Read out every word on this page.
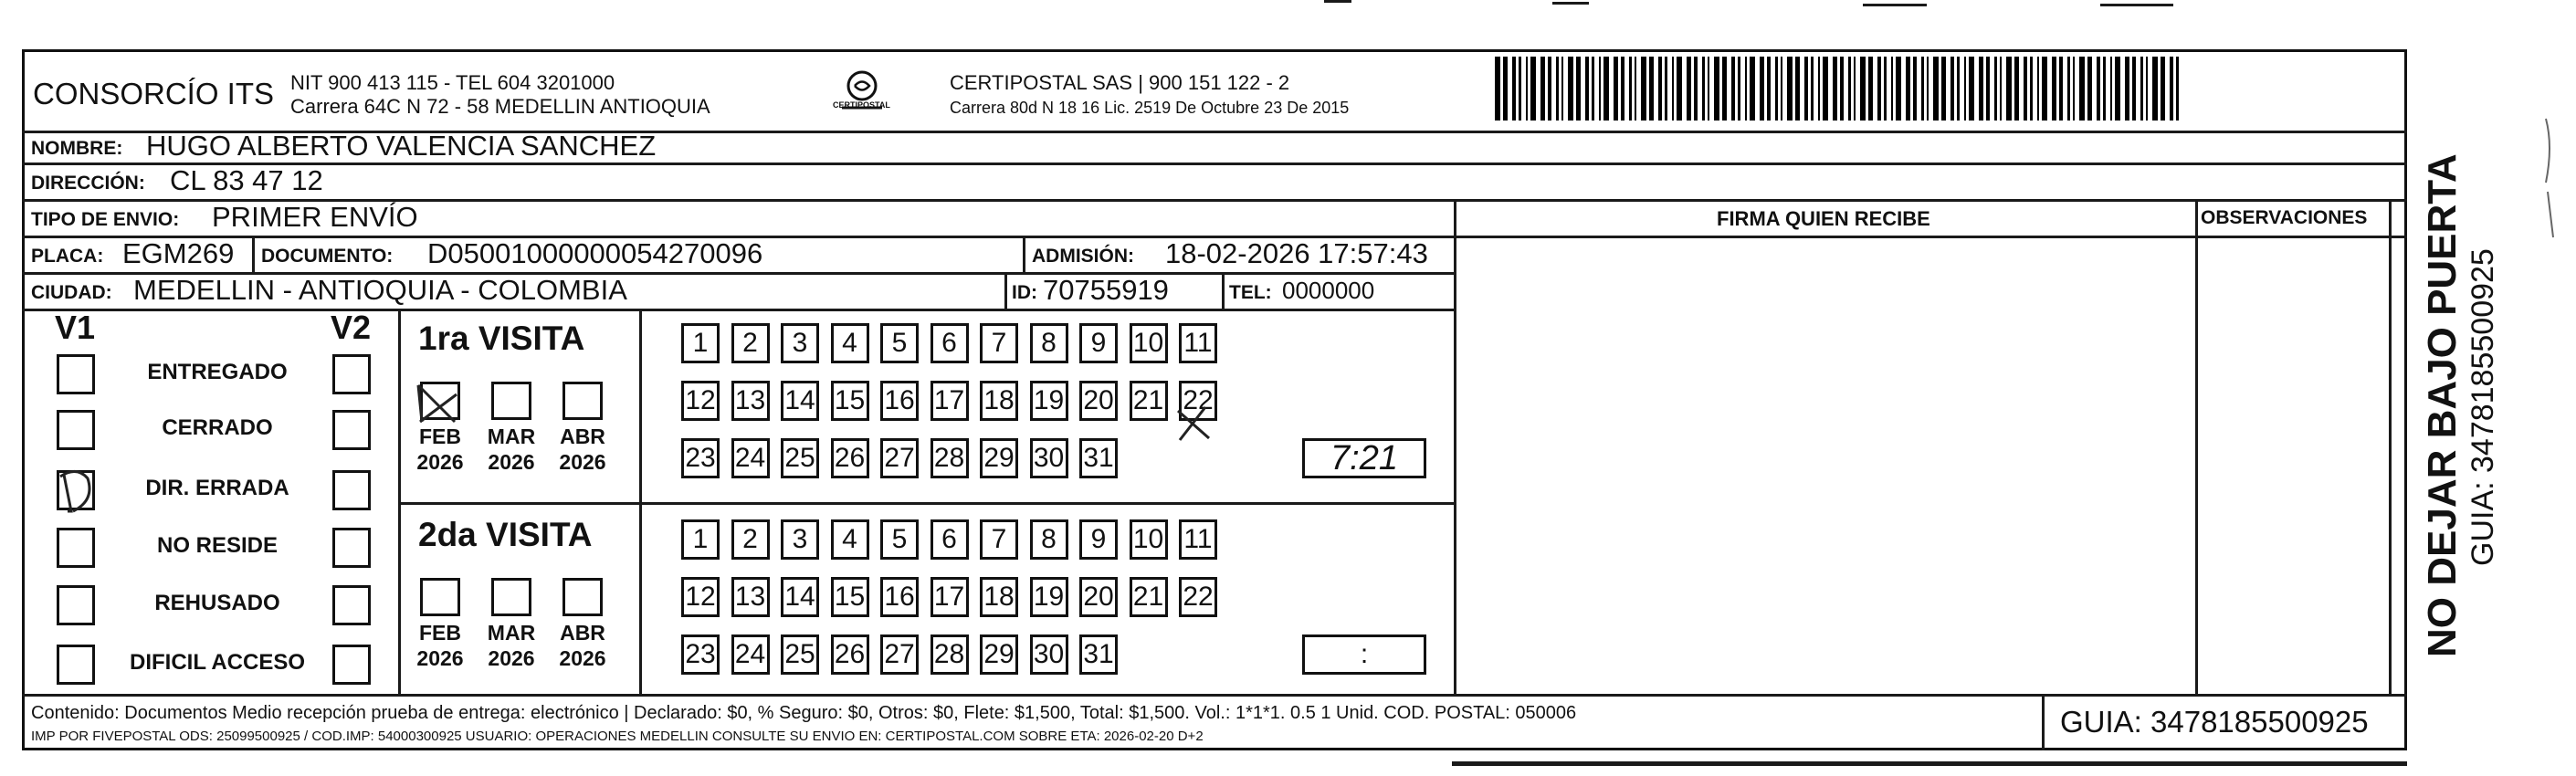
CONSORCÍO ITS NIT 900 413 115 - TEL 604 3201000
Carrera 64C N 72 - 58 MEDELLIN ANTIOQUIA	CERTIPOSTAL
CERTIPOSTAL SAS | 900 151 122 - 2
Carrera 80d N 18 16 Lic. 2519 De Octubre 23 De 2015
NOMBRE: HUGO ALBERTO VALENCIA SANCHEZ
DIRECCIÓN: CL 83 47 12
TIPO DE ENVIO: PRIMER ENVÍO
PLACA: EGM269 DOCUMENTO: D05001000000054270096	ADMISIÓN: 18-02-2026 17:57:43
CIUDAD: MEDELLIN - ANTIOQUIA - COLOMBIA	ID: 70755919	TEL: 0000000
FIRMA QUIEN RECIBE	OBSERVACIONES
V1	V2
ENTREGADO
CERRADO
DIR. ERRADA
NO RESIDE
REHUSADO
DIFICIL ACCESO
1ra VISITA
FEB
2026
MAR
2026
ABR
2026
1	2	3	4	5	6	7	8	9 10 11
12 13 14 15 16 17 18 19 20 21 22
23 24 25 26 27 28 29 30 31	7:21
2da VISITA
FEB
2026
MAR
2026
ABR
2026
1	2	3	4	5	6	7	8	9 10 11
12 13 14 15 16 17 18 19 20 21 22
23 24 25 26 27 28 29 30 31	:	NO DEJAR BAJO PUERTA GUIA: 3478185500925
Contenido: Documentos Medio recepción prueba de entrega: electrónico | Declarado: $0, % Seguro: $0, Otros: $0, Flete: $1,500, Total: $1,500. Vol.: 1*1*1. 0.5 1 Unid. COD. POSTAL: 050006
IMP POR FIVEPOSTAL ODS: 25099500925 / COD.IMP: 54000300925 USUARIO: OPERACIONES MEDELLIN CONSULTE SU ENVIO EN: CERTIPOSTAL.COM SOBRE ETA: 2026-02-20 D+2	GUIA: 3478185500925
